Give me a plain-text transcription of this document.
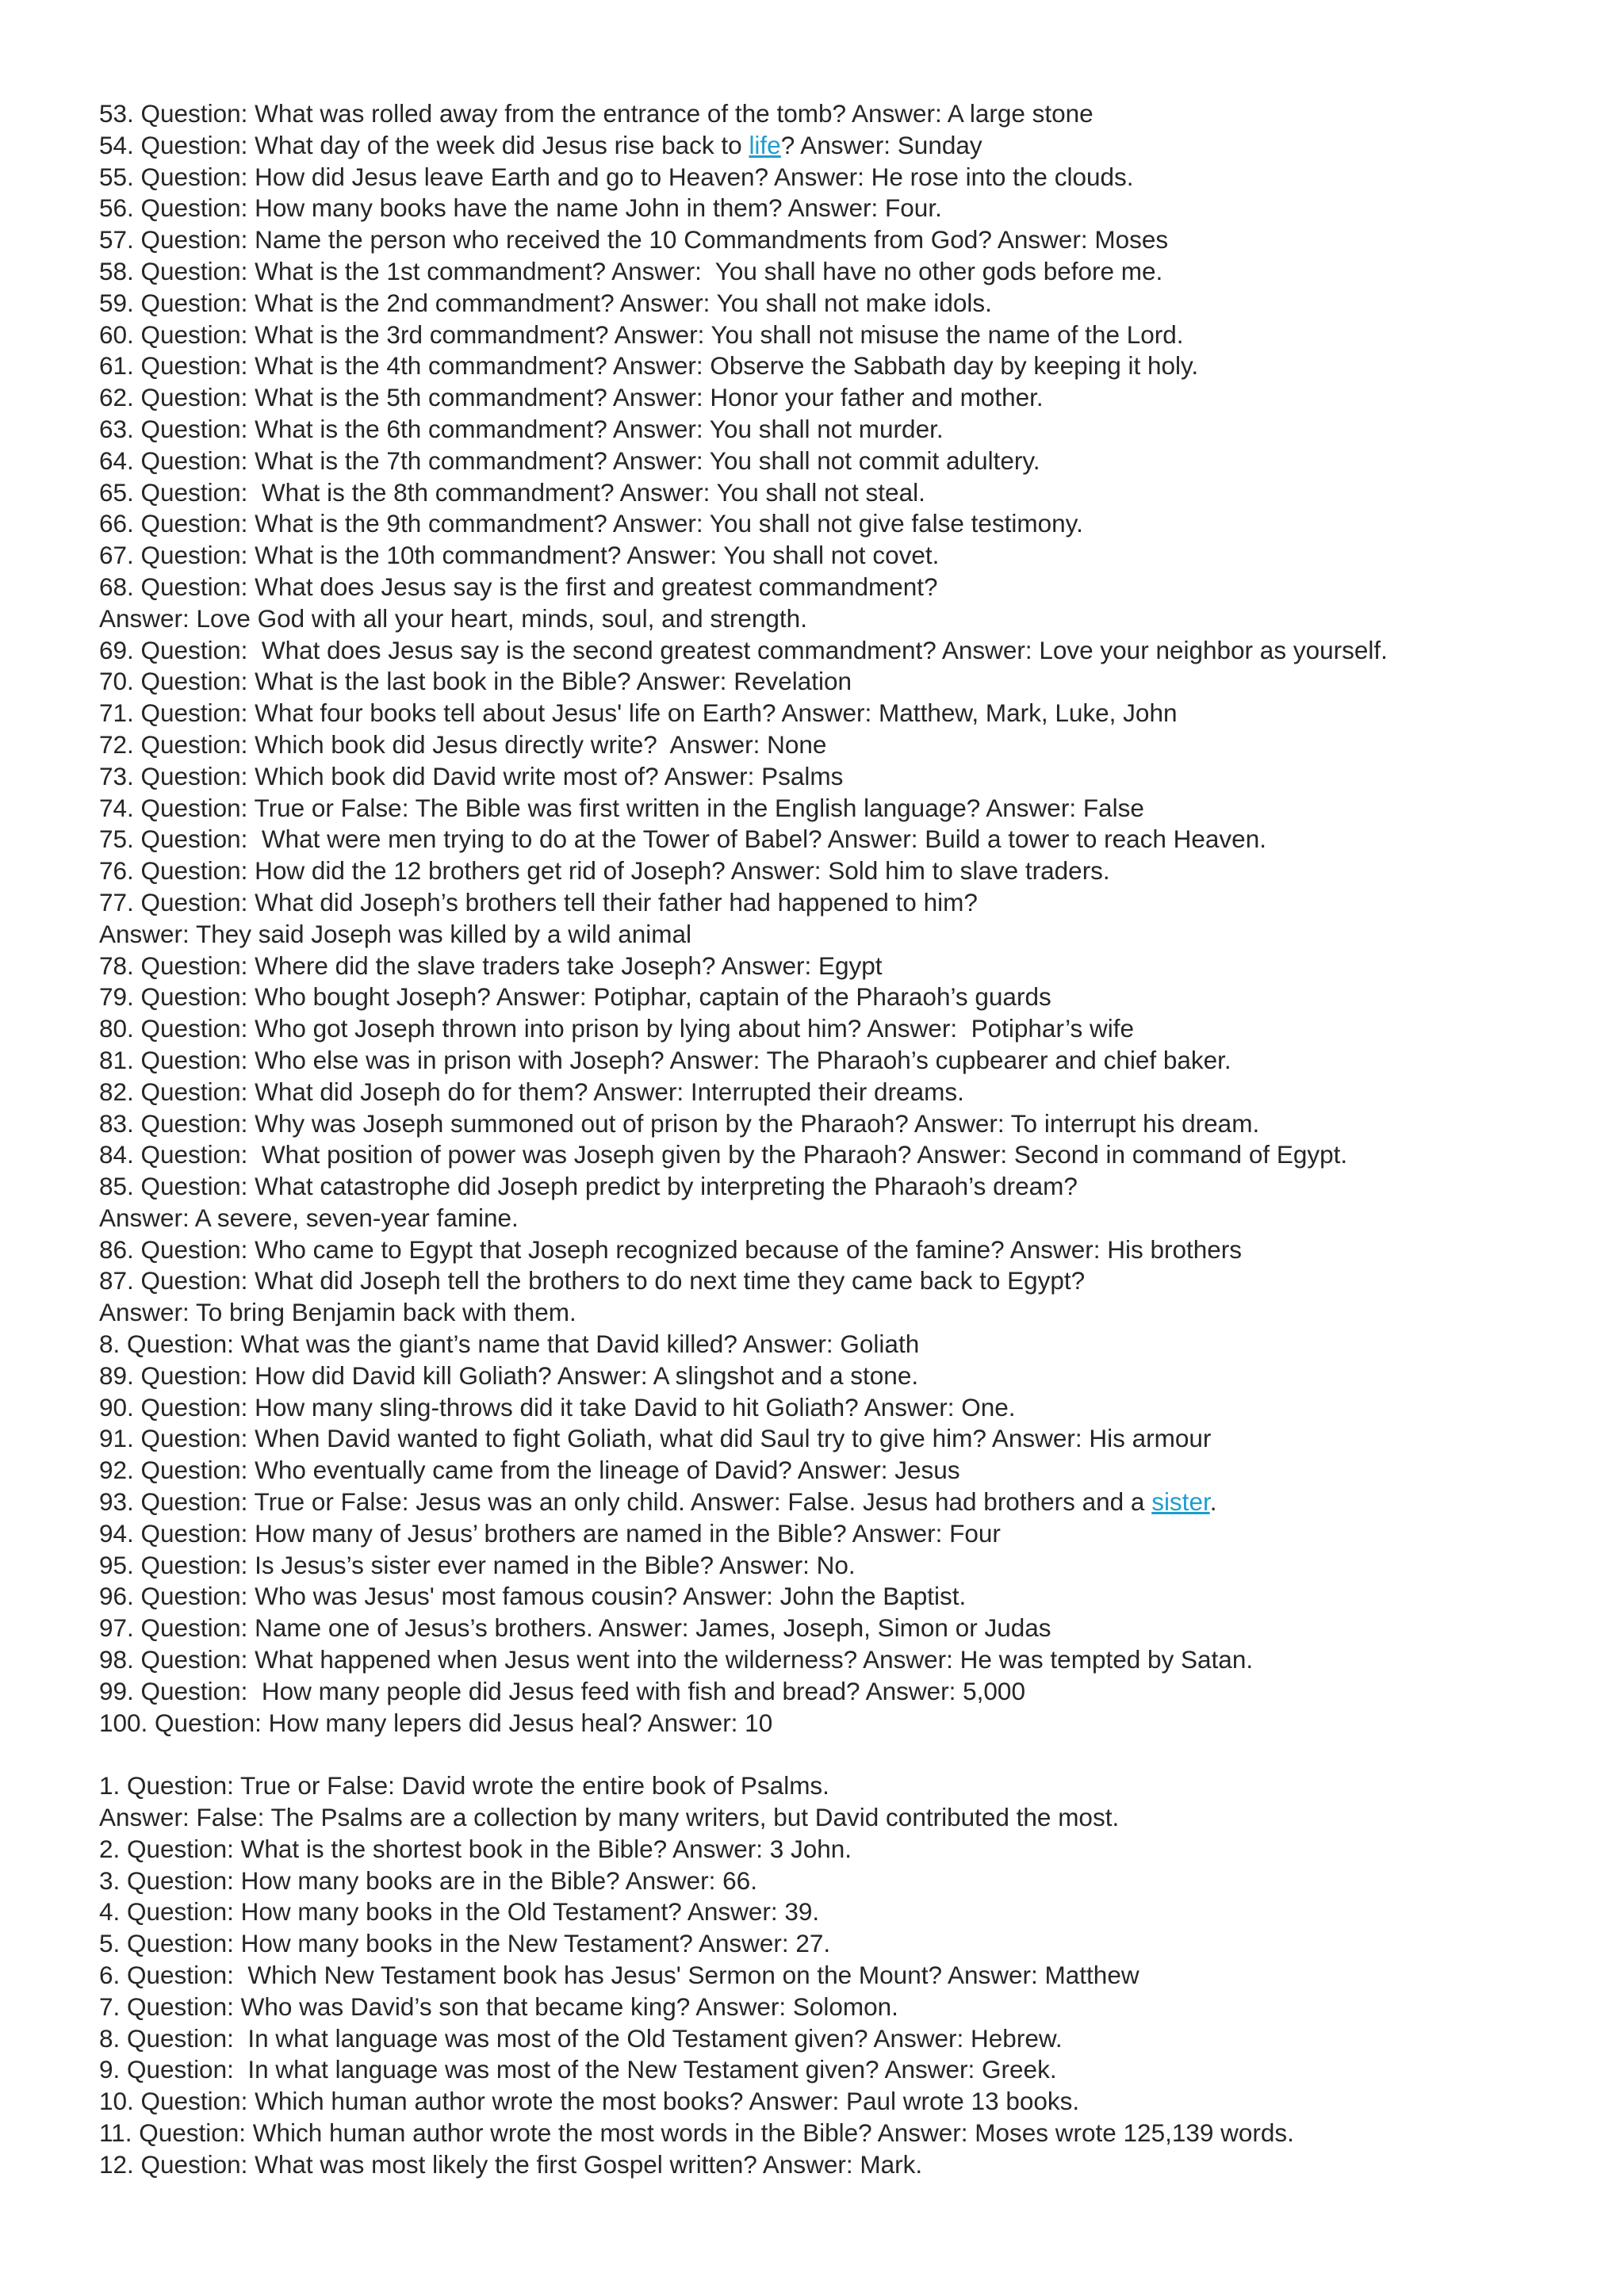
53. Question: What was rolled away from the entrance of the tomb? Answer: A large stone
54. Question: What day of the week did Jesus rise back to life? Answer: Sunday
55. Question: How did Jesus leave Earth and go to Heaven? Answer: He rose into the clouds.
56. Question: How many books have the name John in them? Answer: Four.
57. Question: Name the person who received the 10 Commandments from God? Answer: Moses
58. Question: What is the 1st commandment? Answer:  You shall have no other gods before me.
59. Question: What is the 2nd commandment? Answer: You shall not make idols.
60. Question: What is the 3rd commandment? Answer: You shall not misuse the name of the Lord.
61. Question: What is the 4th commandment? Answer: Observe the Sabbath day by keeping it holy.
62. Question: What is the 5th commandment? Answer: Honor your father and mother.
63. Question: What is the 6th commandment? Answer: You shall not murder.
64. Question: What is the 7th commandment? Answer: You shall not commit adultery.
65. Question:  What is the 8th commandment? Answer: You shall not steal.
66. Question: What is the 9th commandment? Answer: You shall not give false testimony.
67. Question: What is the 10th commandment? Answer: You shall not covet.
68. Question: What does Jesus say is the first and greatest commandment?
Answer: Love God with all your heart, minds, soul, and strength.
69. Question:  What does Jesus say is the second greatest commandment? Answer: Love your neighbor as yourself.
70. Question: What is the last book in the Bible? Answer: Revelation
71. Question: What four books tell about Jesus' life on Earth? Answer: Matthew, Mark, Luke, John
72. Question: Which book did Jesus directly write?  Answer: None
73. Question: Which book did David write most of? Answer: Psalms
74. Question: True or False: The Bible was first written in the English language? Answer: False
75. Question:  What were men trying to do at the Tower of Babel? Answer: Build a tower to reach Heaven.
76. Question: How did the 12 brothers get rid of Joseph? Answer: Sold him to slave traders.
77. Question: What did Joseph’s brothers tell their father had happened to him?
Answer: They said Joseph was killed by a wild animal
78. Question: Where did the slave traders take Joseph? Answer: Egypt
79. Question: Who bought Joseph? Answer: Potiphar, captain of the Pharaoh’s guards
80. Question: Who got Joseph thrown into prison by lying about him? Answer:  Potiphar’s wife
81. Question: Who else was in prison with Joseph? Answer: The Pharaoh’s cupbearer and chief baker.
82. Question: What did Joseph do for them? Answer: Interrupted their dreams.
83. Question: Why was Joseph summoned out of prison by the Pharaoh? Answer: To interrupt his dream.
84. Question:  What position of power was Joseph given by the Pharaoh? Answer: Second in command of Egypt.
85. Question: What catastrophe did Joseph predict by interpreting the Pharaoh’s dream?
Answer: A severe, seven-year famine.
86. Question: Who came to Egypt that Joseph recognized because of the famine? Answer: His brothers
87. Question: What did Joseph tell the brothers to do next time they came back to Egypt?
Answer: To bring Benjamin back with them.
8. Question: What was the giant’s name that David killed? Answer: Goliath
89. Question: How did David kill Goliath? Answer: A slingshot and a stone.
90. Question: How many sling-throws did it take David to hit Goliath? Answer: One.
91. Question: When David wanted to fight Goliath, what did Saul try to give him? Answer: His armour
92. Question: Who eventually came from the lineage of David? Answer: Jesus
93. Question: True or False: Jesus was an only child. Answer: False. Jesus had brothers and a sister.
94. Question: How many of Jesus’ brothers are named in the Bible? Answer: Four
95. Question: Is Jesus’s sister ever named in the Bible? Answer: No.
96. Question: Who was Jesus' most famous cousin? Answer: John the Baptist.
97. Question: Name one of Jesus’s brothers. Answer: James, Joseph, Simon or Judas
98. Question: What happened when Jesus went into the wilderness? Answer: He was tempted by Satan.
99. Question:  How many people did Jesus feed with fish and bread? Answer: 5,000
100. Question: How many lepers did Jesus heal? Answer: 10
1. Question: True or False: David wrote the entire book of Psalms.
Answer: False: The Psalms are a collection by many writers, but David contributed the most.
2. Question: What is the shortest book in the Bible? Answer: 3 John.
3. Question: How many books are in the Bible? Answer: 66.
4. Question: How many books in the Old Testament? Answer: 39.
5. Question: How many books in the New Testament? Answer: 27.
6. Question:  Which New Testament book has Jesus' Sermon on the Mount? Answer: Matthew
7. Question: Who was David’s son that became king? Answer: Solomon.
8. Question:  In what language was most of the Old Testament given? Answer: Hebrew.
9. Question:  In what language was most of the New Testament given? Answer: Greek.
10. Question: Which human author wrote the most books? Answer: Paul wrote 13 books.
11. Question: Which human author wrote the most words in the Bible? Answer: Moses wrote 125,139 words.
12. Question: What was most likely the first Gospel written? Answer: Mark.
